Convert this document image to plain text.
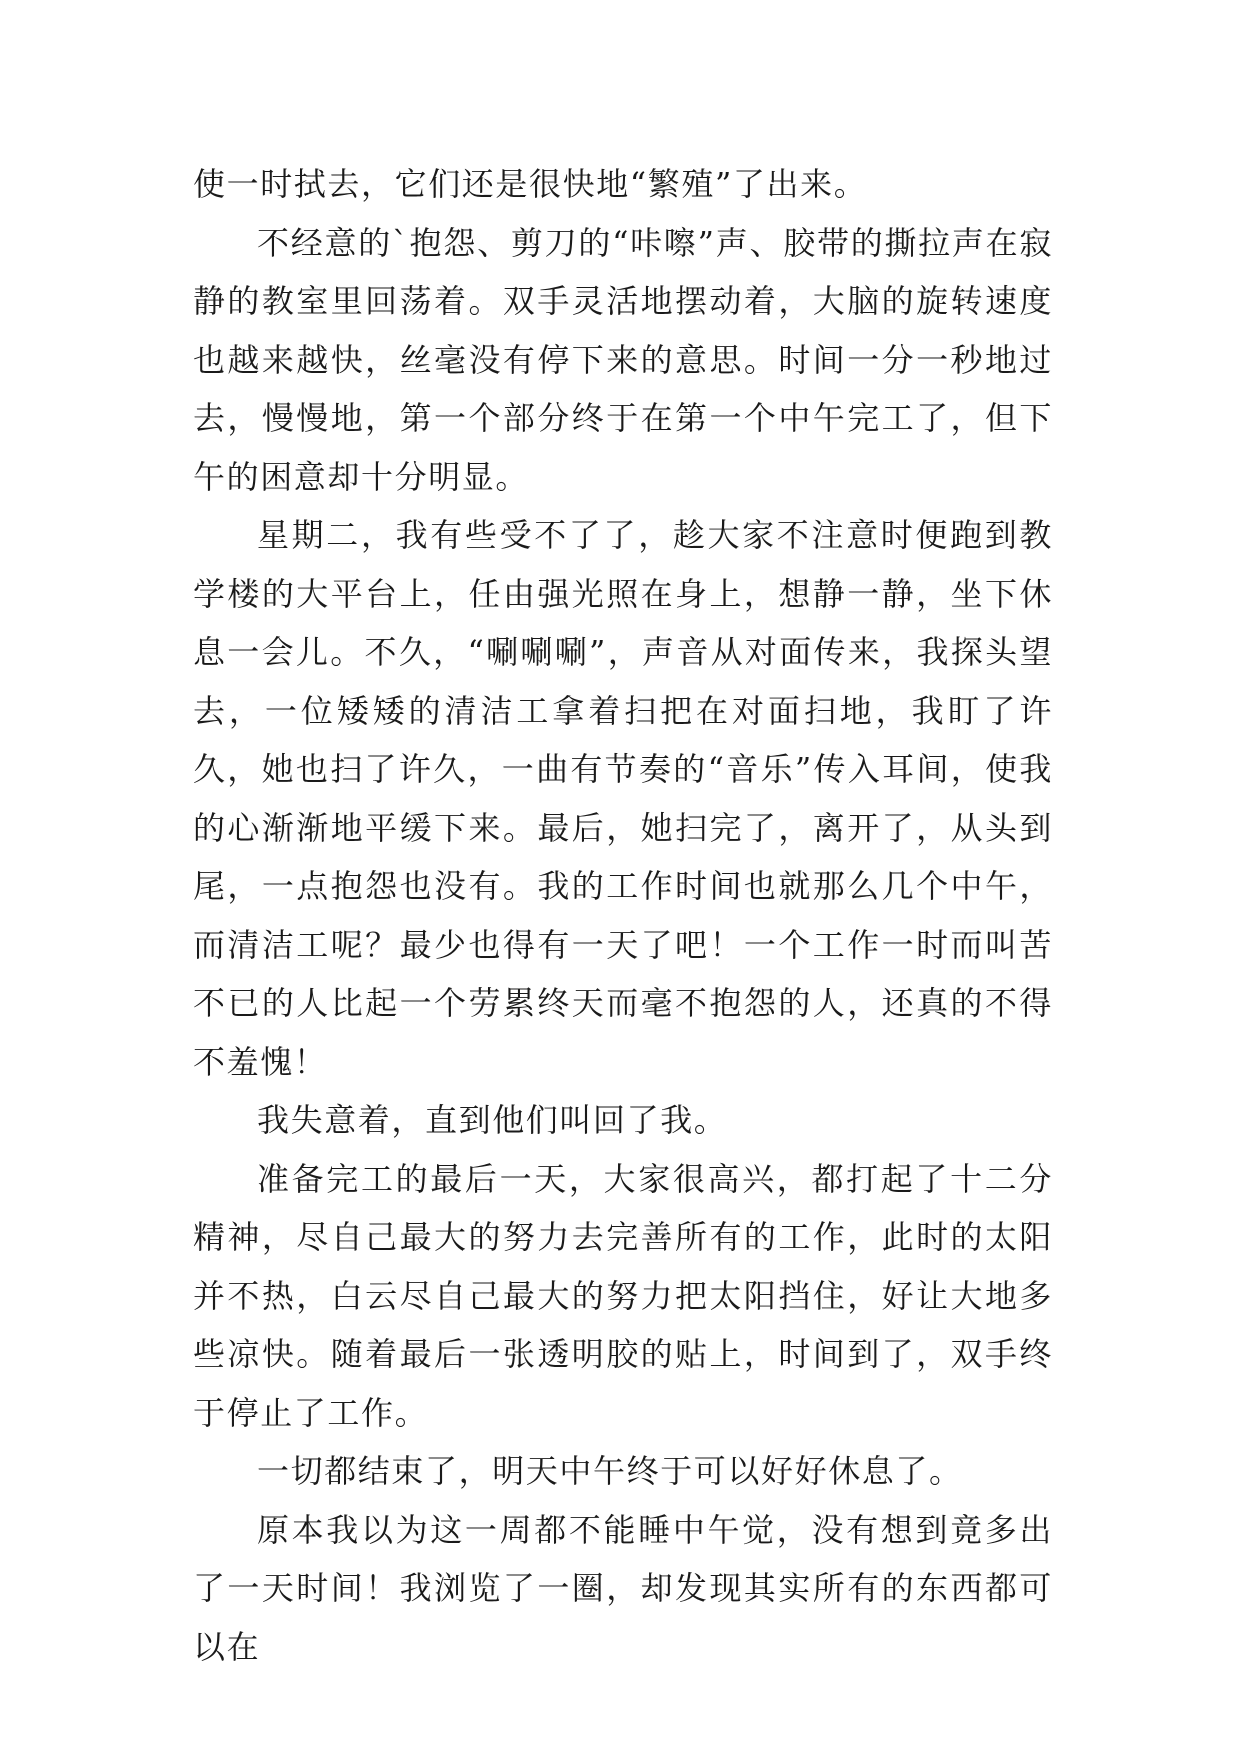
使一时拭去，它们还是很快地“繁殖”了出来。

不经意的`抱怨、剪刀的“咔嚓”声、胶带的撕拉声在寂静的教室里回荡着。双手灵活地摆动着，大脑的旋转速度也越来越快，丝毫没有停下来的意思。时间一分一秒地过去，慢慢地，第一个部分终于在第一个中午完工了，但下午的困意却十分明显。

星期二，我有些受不了了，趁大家不注意时便跑到教学楼的大平台上，任由强光照在身上，想静一静，坐下休息一会儿。不久，“唰唰唰”，声音从对面传来，我探头望去，一位矮矮的清洁工拿着扫把在对面扫地，我盯了许久，她也扫了许久，一曲有节奏的“音乐”传入耳间，使我的心渐渐地平缓下来。最后，她扫完了，离开了，从头到尾，一点抱怨也没有。我的工作时间也就那么几个中午，而清洁工呢？最少也得有一天了吧！一个工作一时而叫苦不已的人比起一个劳累终天而毫不抱怨的人，还真的不得不羞愧！

我失意着，直到他们叫回了我。

准备完工的最后一天，大家很高兴，都打起了十二分精神，尽自己最大的努力去完善所有的工作，此时的太阳并不热，白云尽自己最大的努力把太阳挡住，好让大地多些凉快。随着最后一张透明胶的贴上，时间到了，双手终于停止了工作。

一切都结束了，明天中午终于可以好好休息了。

原本我以为这一周都不能睡中午觉，没有想到竟多出了一天时间！我浏览了一圈，却发现其实所有的东西都可以在
